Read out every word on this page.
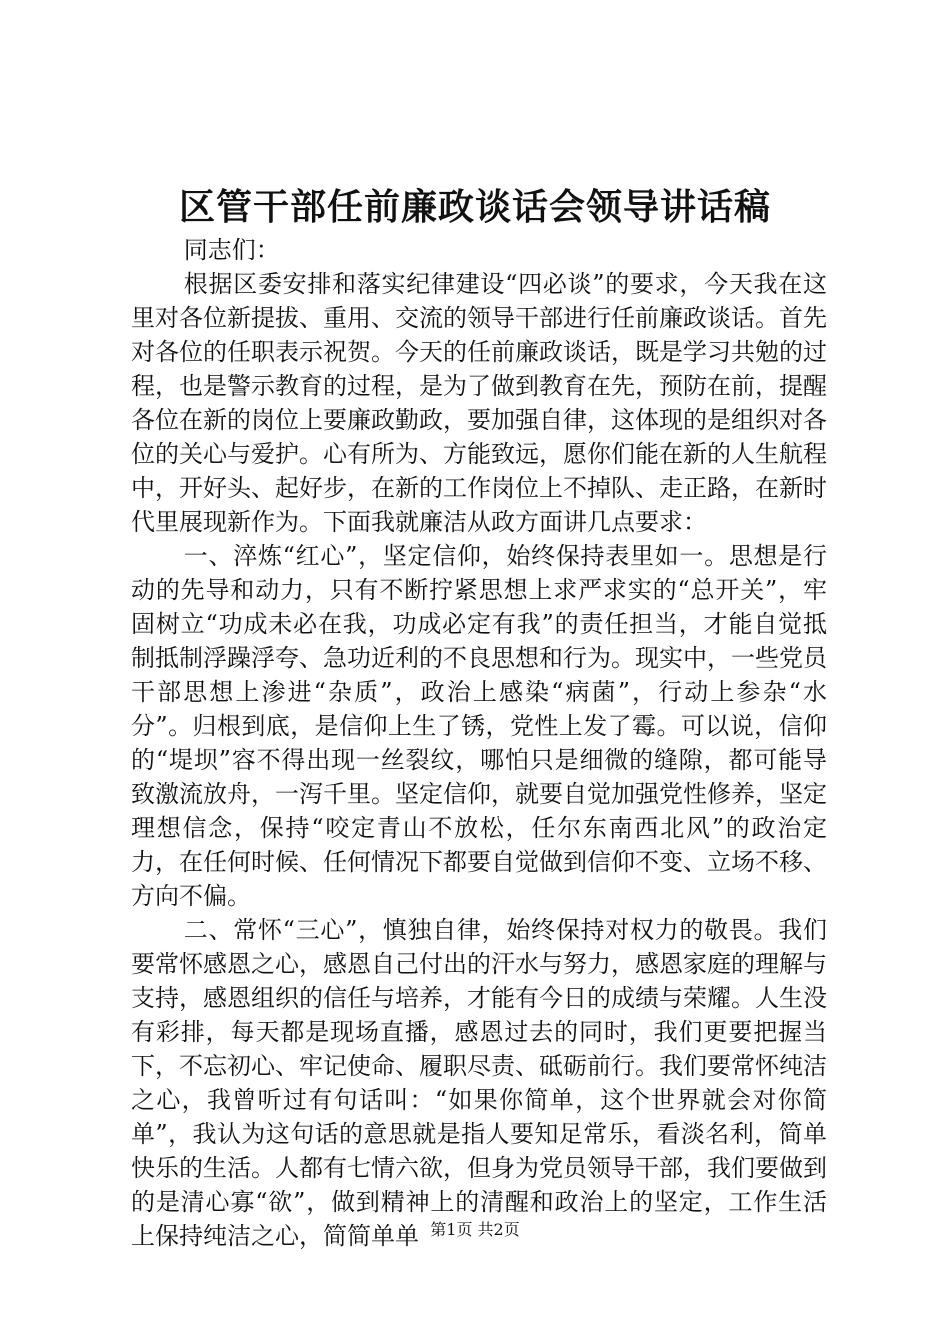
区管干部任前廉政谈话会领导讲话稿

同志们：

根据区委安排和落实纪律建设“四必谈”的要求，今天我在这里对各位新提拔、重用、交流的领导干部进行任前廉政谈话。首先对各位的任职表示祝贺。今天的任前廉政谈话，既是学习共勉的过程，也是警示教育的过程，是为了做到教育在先，预防在前，提醒各位在新的岗位上要廉政勤政，要加强自律，这体现的是组织对各位的关心与爱护。心有所为、方能致远，愿你们能在新的人生航程中，开好头、起好步，在新的工作岗位上不掉队、走正路，在新时代里展现新作为。下面我就廉洁从政方面讲几点要求：

一、淬炼“红心”，坚定信仰，始终保持表里如一。思想是行动的先导和动力，只有不断拧紧思想上求严求实的“总开关”，牢固树立“功成未必在我，功成必定有我”的责任担当，才能自觉抵制抵制浮躁浮夸、急功近利的不良思想和行为。现实中，一些党员干部思想上渗进“杂质”，政治上感染“病菌”，行动上参杂“水分”。归根到底，是信仰上生了锈，党性上发了霉。可以说，信仰的“堤坝”容不得出现一丝裂纹，哪怕只是细微的缝隙，都可能导致激流放舟，一泻千里。坚定信仰，就要自觉加强党性修养，坚定理想信念，保持“咬定青山不放松，任尔东南西北风”的政治定力，在任何时候、任何情况下都要自觉做到信仰不变、立场不移、方向不偏。

二、常怀“三心”，慎独自律，始终保持对权力的敬畏。我们要常怀感恩之心，感恩自己付出的汗水与努力，感恩家庭的理解与支持，感恩组织的信任与培养，才能有今日的成绩与荣耀。人生没有彩排，每天都是现场直播，感恩过去的同时，我们更要把握当下，不忘初心、牢记使命、履职尽责、砥砺前行。我们要常怀纯洁之心，我曾听过有句话叫：“如果你简单，这个世界就会对你简单”，我认为这句话的意思就是指人要知足常乐，看淡名利，简单快乐的生活。人都有七情六欲，但身为党员领导干部，我们要做到的是清心寡“欲”，做到精神上的清醒和政治上的坚定，工作生活上保持纯洁之心，简简单单 第1页 共2页
